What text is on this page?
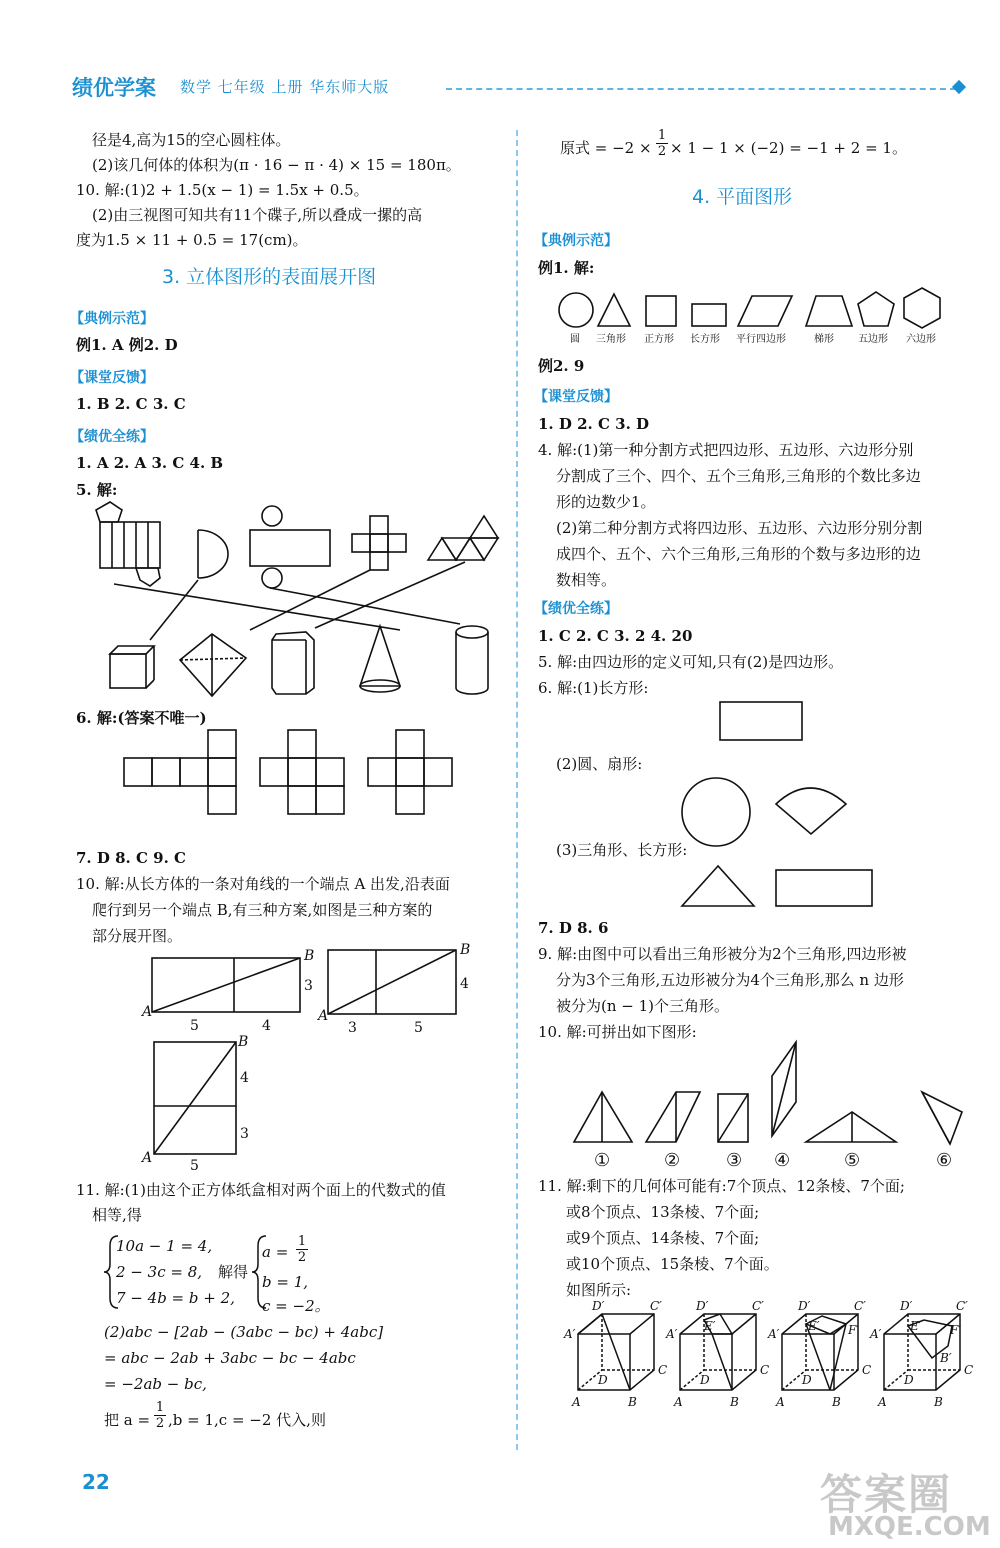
绩优学案 数学 七年级 上册 华东师大版
径是4,高为15的空心圆柱体。
(2)该几何体的体积为(π · 16 − π · 4) × 15 = 180π。
10. 解:(1)2 + 1.5(x − 1) = 1.5x + 0.5。
(2)由三视图可知共有11个碟子,所以叠成一摞的高
度为1.5 × 11 + 0.5 = 17(cm)。
3. 立体图形的表面展开图
【典例示范】
例1. A 例2. D
【课堂反馈】
1. B 2. C 3. C
【绩优全练】
1. A 2. A 3. C 4. B
5. 解:
6. 解:(答案不唯一)
7. D 8. C 9. C
10. 解:从长方体的一条对角线的一个端点 A 出发,沿表面
爬行到另一个端点 B,有三种方案,如图是三种方案的
部分展开图。
A
B
5	4
3
A
B
3	5
4
A
B
4
3
5
11. 解:(1)由这个正方体纸盒相对两个面上的代数式的值
相等,得
10a − 1 = 4,
2 − 3c = 8,
7 − 4b = b + 2,
解得
$a = \frac{1}{2}$
b = 1,
c = −2。
(2)abc − [2ab − (3abc − bc) + 4abc]
= abc − 2ab + 3abc − bc − 4abc
= −2ab − bc,
把 $a = \frac{1}{2} ,b = 1,c = -2$ 代入,则
原式 = $-2 \times \frac{1}{2} \times 1 - 1 \times (-2) = -1 + 2 = 1$。
4. 平面图形
【典例示范】
例1. 解:
圆 三角形 正方形 长方形 平行四边形	梯形 五边形 六边形
例2. 9
【课堂反馈】
1. D 2. C 3. D
4. 解:(1)第一种分割方式把四边形、五边形、六边形分别
分割成了三个、四个、五个三角形,三角形的个数比多边
形的边数少1。
(2)第二种分割方式将四边形、五边形、六边形分别分割
成四个、五个、六个三角形,三角形的个数与多边形的边
数相等。
【绩优全练】
1. C 2. C 3. 2 4. 20
5. 解:由四边形的定义可知,只有(2)是四边形。
6. 解:(1)长方形:
(2)圆、扇形:
(3)三角形、长方形:
7. D 8. 6
9. 解:由图中可以看出三角形被分为2个三角形,四边形被
分为3个三角形,五边形被分为4个三角形,那么 n 边形
被分为(n − 1)个三角形。
10. 解:可拼出如下图形:
①	②	③ ④	⑤	⑥
11. 解:剩下的几何体可能有:7个顶点、12条棱、7个面;
或8个顶点、13条棱、7个面;
或9个顶点、14条棱、7个面;
或10个顶点、15条棱、7个面。
如图所示:
D′	C′
A′
C
D
A	B
D′	C′
A′
E′
C
D
A	B
D′	C′
A′
E′ F′
C
D
A	B
D′	C′
A′
E′ F′
B′
C
D
A	B
22	答案圈
MXQE.COM
